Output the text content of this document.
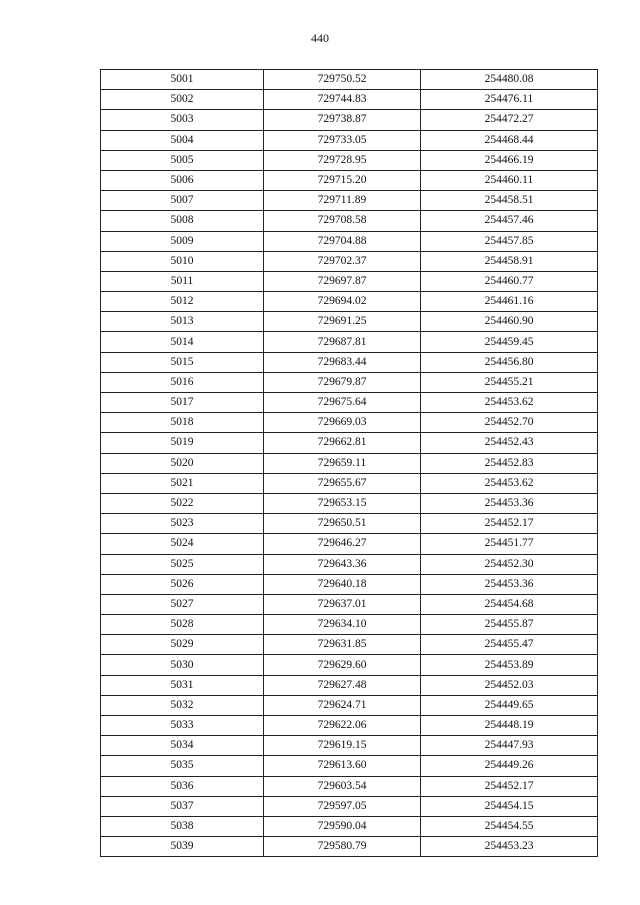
440
5001	729750.52	254480.08
5002	729744.83	254476.11
5003	729738.87	254472.27
5004	729733.05	254468.44
5005	729728.95	254466.19
5006	729715.20	254460.11
5007	729711.89	254458.51
5008	729708.58	254457.46
5009	729704.88	254457.85
5010	729702.37	254458.91
5011	729697.87	254460.77
5012	729694.02	254461.16
5013	729691.25	254460.90
5014	729687.81	254459.45
5015	729683.44	254456.80
5016	729679.87	254455.21
5017	729675.64	254453.62
5018	729669.03	254452.70
5019	729662.81	254452.43
5020	729659.11	254452.83
5021	729655.67	254453.62
5022	729653.15	254453.36
5023	729650.51	254452.17
5024	729646.27	254451.77
5025	729643.36	254452.30
5026	729640.18	254453.36
5027	729637.01	254454.68
5028	729634.10	254455.87
5029	729631.85	254455.47
5030	729629.60	254453.89
5031	729627.48	254452.03
5032	729624.71	254449.65
5033	729622.06	254448.19
5034	729619.15	254447.93
5035	729613.60	254449.26
5036	729603.54	254452.17
5037	729597.05	254454.15
5038	729590.04	254454.55
5039	729580.79	254453.23
